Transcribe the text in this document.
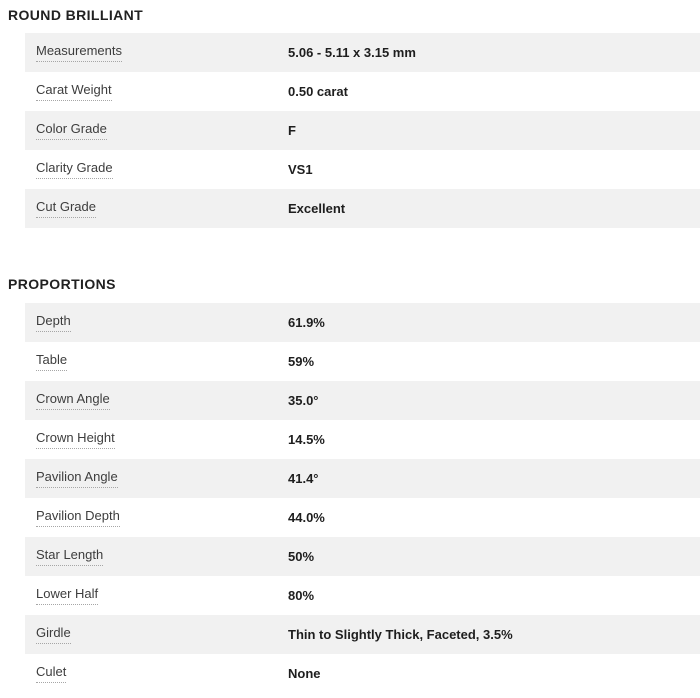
ROUND BRILLIANT
Measurements	5.06 - 5.11 x 3.15 mm
Carat Weight	0.50 carat
Color Grade	F
Clarity Grade	VS1
Cut Grade	Excellent
PROPORTIONS
Depth	61.9%
Table	59%
Crown Angle	35.0°
Crown Height	14.5%
Pavilion Angle	41.4°
Pavilion Depth	44.0%
Star Length	50%
Lower Half	80%
Girdle	Thin to Slightly Thick, Faceted, 3.5%
Culet	None
